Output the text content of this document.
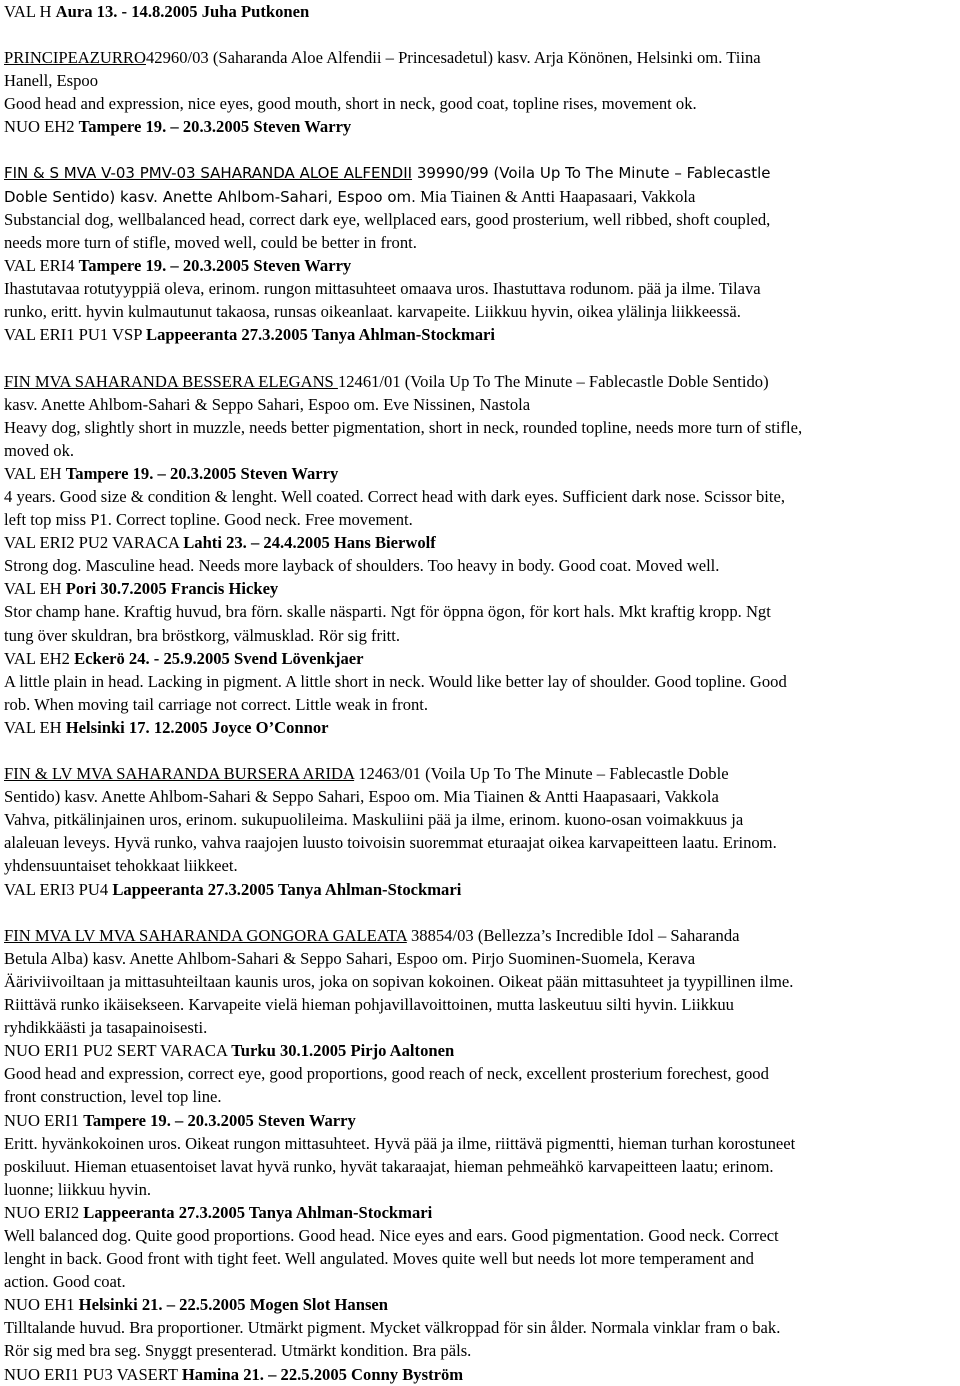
VAL H Aura 13. - 14.8.2005 Juha Putkonen
PRINCIPEAZURRO42960/03 (Saharanda Aloe Alfendii – Princesadetul) kasv. Arja Könönen, Helsinki om. Tiina
Hanell, Espoo
Good head and expression, nice eyes, good mouth, short in neck, good coat, topline rises, movement ok.
NUO EH2 Tampere 19. – 20.3.2005 Steven Warry
FIN & S MVA V-03 PMV-03 SAHARANDA ALOE ALFENDII 39990/99 (Voila Up To The Minute – Fablecastle
Doble Sentido) kasv. Anette Ahlbom-Sahari, Espoo om. Mia Tiainen & Antti Haapasaari, Vakkola
Substancial dog, wellbalanced head, correct dark eye, wellplaced ears, good prosterium, well ribbed, shoft coupled,
needs more turn of stifle, moved well, could be better in front.
VAL ERI4 Tampere 19. – 20.3.2005 Steven Warry
Ihastutavaa rotutyyppiä oleva, erinom. rungon mittasuhteet omaava uros. Ihastuttava rodunom. pää ja ilme. Tilava
runko, eritt. hyvin kulmautunut takaosa, runsas oikeanlaat. karvapeite. Liikkuu hyvin, oikea ylälinja liikkeessä.
VAL ERI1 PU1 VSP Lappeeranta 27.3.2005 Tanya Ahlman-Stockmari
FIN MVA SAHARANDA BESSERA ELEGANS 12461/01 (Voila Up To The Minute – Fablecastle Doble Sentido)
kasv. Anette Ahlbom-Sahari & Seppo Sahari, Espoo om. Eve Nissinen, Nastola
Heavy dog, slightly short in muzzle, needs better pigmentation, short in neck, rounded topline, needs more turn of stifle,
moved ok.
VAL EH Tampere 19. – 20.3.2005 Steven Warry
4 years. Good size & condition & lenght. Well coated. Correct head with dark eyes. Sufficient dark nose. Scissor bite,
left top miss P1. Correct topline. Good neck. Free movement.
VAL ERI2 PU2 VARACA Lahti 23. – 24.4.2005 Hans Bierwolf
Strong dog. Masculine head. Needs more layback of shoulders. Too heavy in body. Good coat. Moved well.
VAL EH Pori 30.7.2005 Francis Hickey
Stor champ hane. Kraftig huvud, bra förn. skalle näsparti. Ngt för öppna ögon, för kort hals. Mkt kraftig kropp. Ngt
tung över skuldran, bra bröstkorg, välmusklad. Rör sig fritt.
VAL EH2 Eckerö 24. - 25.9.2005 Svend Lövenkjaer
A little plain in head. Lacking in pigment. A little short in neck. Would like better lay of shoulder. Good topline. Good
rob. When moving tail carriage not correct. Little weak in front.
VAL EH Helsinki 17. 12.2005 Joyce O’Connor
FIN & LV MVA SAHARANDA BURSERA ARIDA 12463/01 (Voila Up To The Minute – Fablecastle Doble
Sentido) kasv. Anette Ahlbom-Sahari & Seppo Sahari, Espoo om. Mia Tiainen & Antti Haapasaari, Vakkola
Vahva, pitkälinjainen uros, erinom. sukupuolileima. Maskuliini pää ja ilme, erinom. kuono-osan voimakkuus ja
alaleuan leveys. Hyvä runko, vahva raajojen luusto toivoisin suoremmat eturaajat oikea karvapeitteen laatu. Erinom.
yhdensuuntaiset tehokkaat liikkeet.
VAL ERI3 PU4 Lappeeranta 27.3.2005 Tanya Ahlman-Stockmari
FIN MVA LV MVA SAHARANDA GONGORA GALEATA 38854/03 (Bellezza’s Incredible Idol – Saharanda
Betula Alba) kasv. Anette Ahlbom-Sahari & Seppo Sahari, Espoo om. Pirjo Suominen-Suomela, Kerava
Ääriviivoiltaan ja mittasuhteiltaan kaunis uros, joka on sopivan kokoinen. Oikeat pään mittasuhteet ja tyypillinen ilme.
Riittävä runko ikäisekseen. Karvapeite vielä hieman pohjavillavoittoinen, mutta laskeutuu silti hyvin. Liikkuu
ryhdikkäästi ja tasapainoisesti.
NUO ERI1 PU2 SERT VARACA Turku 30.1.2005 Pirjo Aaltonen
Good head and expression, correct eye, good proportions, good reach of neck, excellent prosterium forechest, good
front construction, level top line.
NUO ERI1 Tampere 19. – 20.3.2005 Steven Warry
Eritt. hyvänkokoinen uros. Oikeat rungon mittasuhteet. Hyvä pää ja ilme, riittävä pigmentti, hieman turhan korostuneet
poskiluut. Hieman etuasentoiset lavat hyvä runko, hyvät takaraajat, hieman pehmeähkö karvapeitteen laatu; erinom.
luonne; liikkuu hyvin.
NUO ERI2 Lappeeranta 27.3.2005 Tanya Ahlman-Stockmari
Well balanced dog. Quite good proportions. Good head. Nice eyes and ears. Good pigmentation. Good neck. Correct
lenght in back. Good front with tight feet. Well angulated. Moves quite well but needs lot more temperament and
action. Good coat.
NUO EH1 Helsinki 21. – 22.5.2005 Mogen Slot Hansen
Tilltalande huvud. Bra proportioner. Utmärkt pigment. Mycket välkroppad för sin ålder. Normala vinklar fram o bak.
Rör sig med bra seg. Snyggt presenterad. Utmärkt kondition. Bra päls.
NUO ERI1 PU3 VASERT Hamina 21. – 22.5.2005 Conny Byström
